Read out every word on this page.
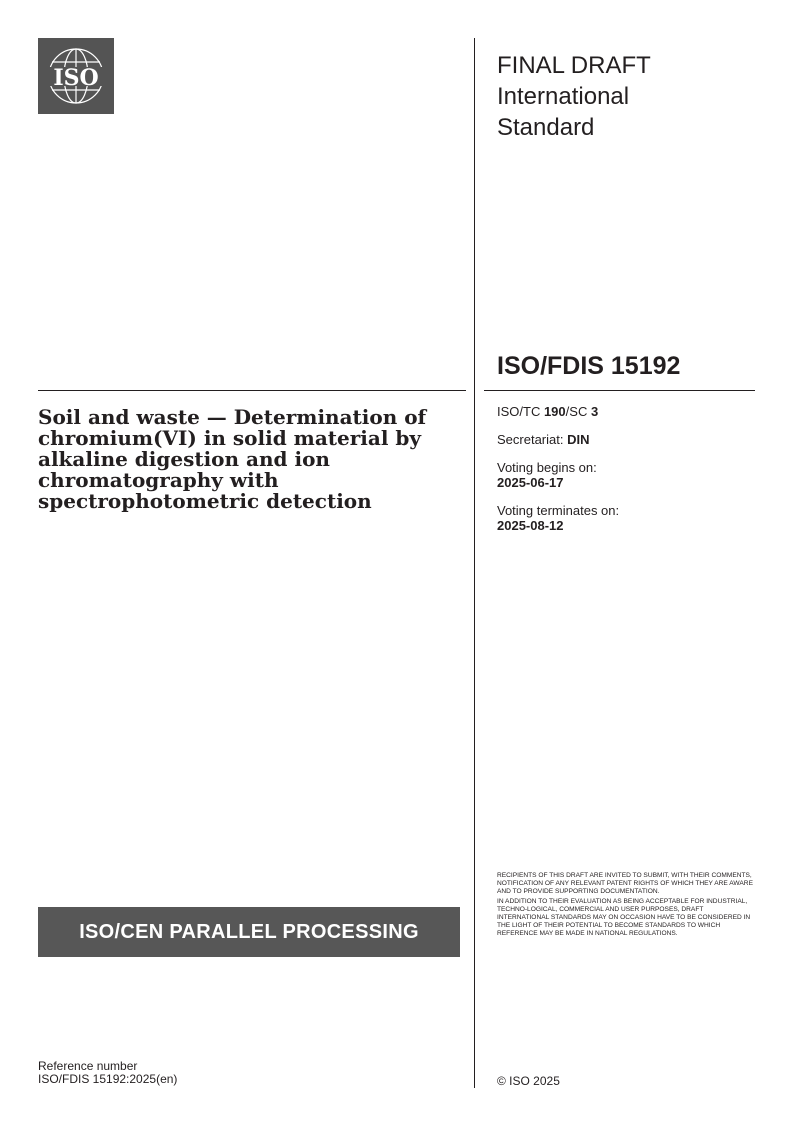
ISO	FINAL DRAFT
International
Standard
ISO/FDIS 15192
Soil and waste — Determination of chromium(VI) in solid material by alkaline digestion and ion chromatography with spectrophotometric detection
ISO/TC 190/SC 3
Secretariat: DIN
Voting begins on:
2025-06-17
Voting terminates on:
2025-08-12

RECIPIENTS OF THIS DRAFT ARE INVITED TO SUBMIT, WITH THEIR COMMENTS, NOTIFICATION OF ANY RELEVANT PATENT RIGHTS OF WHICH THEY ARE AWARE AND TO PROVIDE SUPPORTING DOCUMENTATION.

IN ADDITION TO THEIR EVALUATION AS BEING ACCEPTABLE FOR INDUSTRIAL, TECHNO-LOGICAL, COMMERCIAL AND USER PURPOSES, DRAFT INTERNATIONAL STANDARDS MAY ON OCCASION HAVE TO BE CONSIDERED IN THE LIGHT OF THEIR POTENTIAL TO BECOME STANDARDS TO WHICH REFERENCE MAY BE MADE IN NATIONAL REGULATIONS.

ISO/CEN PARALLEL PROCESSING
Reference number
ISO/FDIS 15192:2025(en)	© ISO 2025
